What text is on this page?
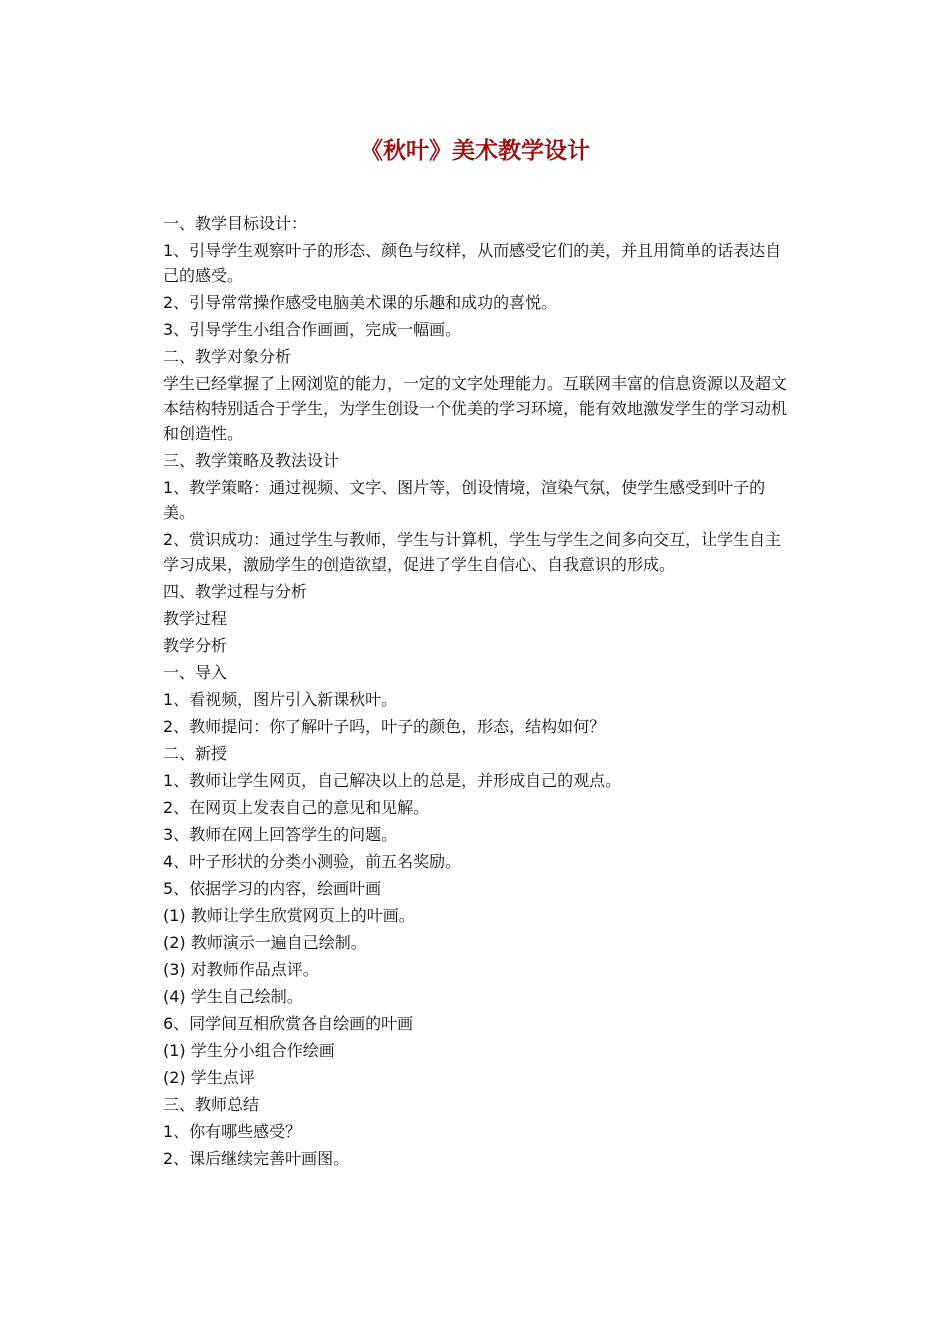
《秋叶》美术教学设计

一、教学目标设计：

1、引导学生观察叶子的形态、颜色与纹样，从而感受它们的美，并且用简单的话表达自己的感受。

2、引导常常操作感受电脑美术课的乐趣和成功的喜悦。

3、引导学生小组合作画画，完成一幅画。

二、教学对象分析

学生已经掌握了上网浏览的能力，一定的文字处理能力。互联网丰富的信息资源以及超文本结构特别适合于学生，为学生创设一个优美的学习环境，能有效地激发学生的学习动机和创造性。

三、教学策略及教法设计

1、教学策略：通过视频、文字、图片等，创设情境，渲染气氛，使学生感受到叶子的美。

2、赏识成功：通过学生与教师，学生与计算机，学生与学生之间多向交互，让学生自主学习成果，激励学生的创造欲望，促进了学生自信心、自我意识的形成。

四、教学过程与分析

教学过程

教学分析

一、导入

1、看视频，图片引入新课秋叶。

2、教师提问：你了解叶子吗，叶子的颜色，形态，结构如何？

二、新授

1、教师让学生网页，自己解决以上的总是，并形成自己的观点。

2、在网页上发表自己的意见和见解。

3、教师在网上回答学生的问题。

4、叶子形状的分类小测验，前五名奖励。

5、依据学习的内容，绘画叶画

(1) 教师让学生欣赏网页上的叶画。

(2) 教师演示一遍自己绘制。

(3) 对教师作品点评。

(4) 学生自己绘制。

6、同学间互相欣赏各自绘画的叶画

(1) 学生分小组合作绘画

(2) 学生点评

三、教师总结

1、你有哪些感受？

2、课后继续完善叶画图。
